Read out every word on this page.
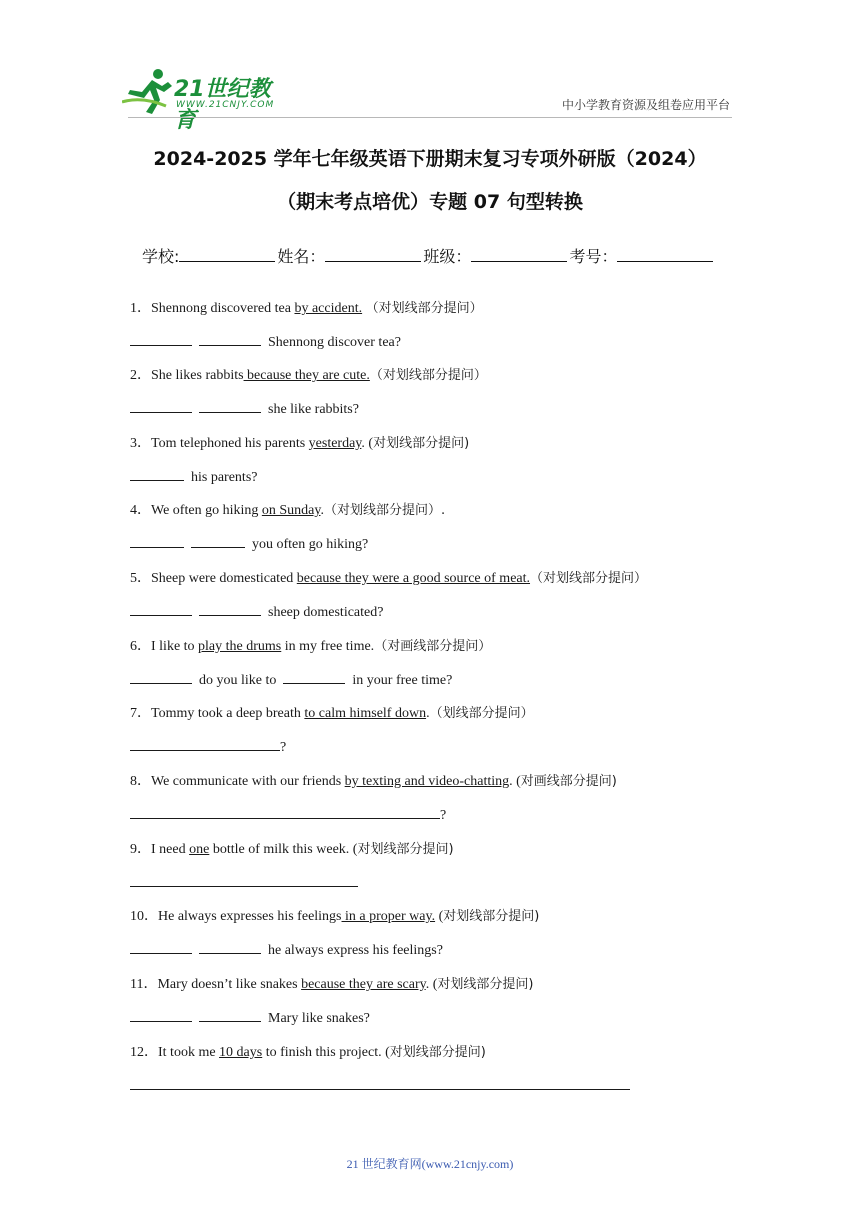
21世纪教育
WWW.21CNJY.COM	中小学教育资源及组卷应用平台
2024-2025 学年七年级英语下册期末复习专项外研版（2024）
（期末考点培优）专题 07 句型转换
学校:	姓名：	班级：	考号：
1．Shennong discovered tea by accident. （对划线部分提问）
Shennong discover tea?
2．She likes rabbits because they are cute.（对划线部分提问）
she like rabbits?
3．Tom telephoned his parents yesterday. (对划线部分提问)
his parents?
4．We often go hiking on Sunday.（对划线部分提问）.
you often go hiking?
5．Sheep were domesticated because they were a good source of meat.（对划线部分提问）
sheep domesticated?
6．I like to play the drums in my free time.（对画线部分提问）
do you like to	in your free time?
7．Tommy took a deep breath to calm himself down.（划线部分提问）
?
8．We communicate with our friends by texting and video-chatting. (对画线部分提问)
?
9．I need one bottle of milk this week. (对划线部分提问)
10．He always expresses his feelings in a proper way. (对划线部分提问)
he always express his feelings?
11．Mary doesn’t like snakes because they are scary. (对划线部分提问)
Mary like snakes?
12．It took me 10 days to finish this project. (对划线部分提问)
21 世纪教育网(www.21cnjy.com)
